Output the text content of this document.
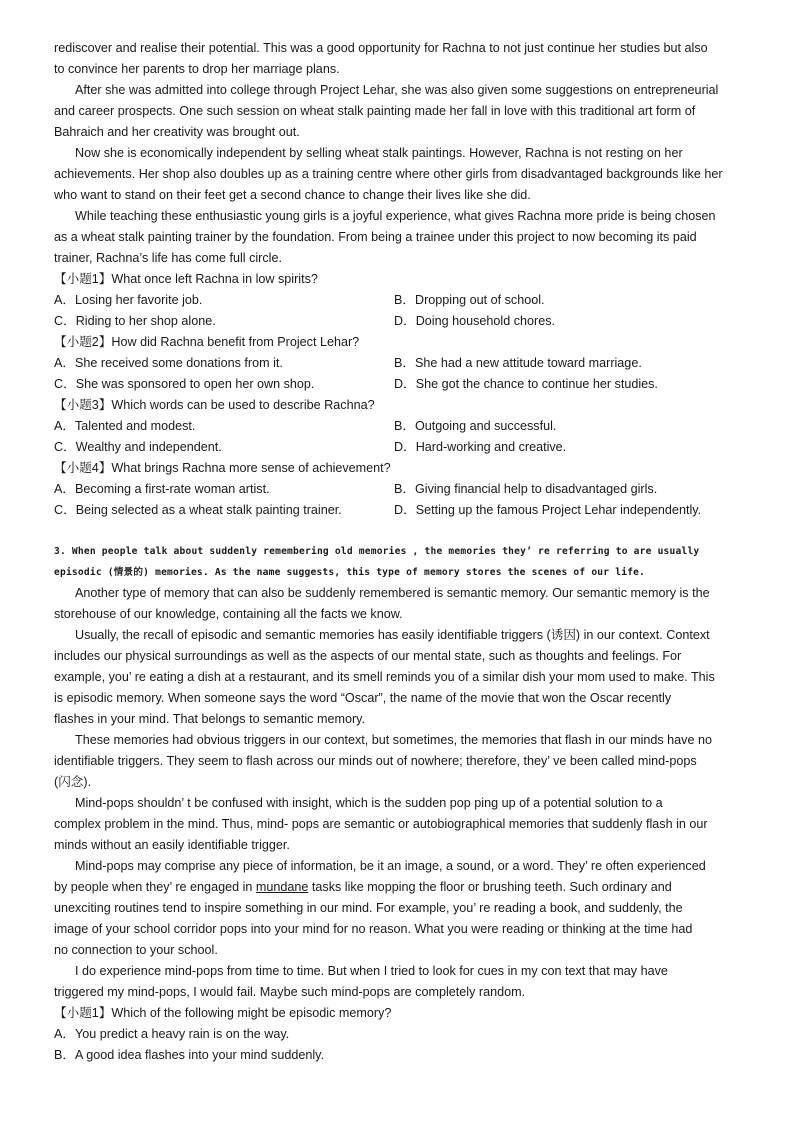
rediscover and realise their potential. This was a good opportunity for Rachna to not just continue her studies but also
to convince her parents to drop her marriage plans.
After she was admitted into college through Project Lehar, she was also given some suggestions on entrepreneurial
and career prospects. One such session on wheat stalk painting made her fall in love with this traditional art form of
Bahraich and her creativity was brought out.
Now she is economically independent by selling wheat stalk paintings. However, Rachna is not resting on her
achievements. Her shop also doubles up as a training centre where other girls from disadvantaged backgrounds like her
who want to stand on their feet get a second chance to change their lives like she did.
While teaching these enthusiastic young girls is a joyful experience, what gives Rachna more pride is being chosen
as a wheat stalk painting trainer by the foundation. From being a trainee under this project to now becoming its paid
trainer, Rachna’s life has come full circle.
【小题1】What once left Rachna in low spirits?
A．Losing her favorite job.	B．Dropping out of school.
C．Riding to her shop alone.	D．Doing household chores.
【小题2】How did Rachna benefit from Project Lehar?
A．She received some donations from it.	B．She had a new attitude toward marriage.
C．She was sponsored to open her own shop.	D．She got the chance to continue her studies.
【小题3】Which words can be used to describe Rachna?
A．Talented and modest.	B．Outgoing and successful.
C．Wealthy and independent.	D．Hard-working and creative.
【小题4】What brings Rachna more sense of achievement?
A．Becoming a first-rate woman artist.	B．Giving financial help to disadvantaged girls.
C．Being selected as a wheat stalk painting trainer.	D．Setting up the famous Project Lehar independently.
3. When people talk about suddenly remembering old memories , the memories they’ re referring to are usually
episodic (情景的) memories. As the name suggests, this type of memory stores the scenes of our life.
Another type of memory that can also be suddenly remembered is semantic memory. Our semantic memory is the
storehouse of our knowledge, containing all the facts we know.
Usually, the recall of episodic and semantic memories has easily identifiable triggers (诱因) in our context. Context
includes our physical surroundings as well as the aspects of our mental state, such as thoughts and feelings. For
example, you’ re eating a dish at a restaurant, and its smell reminds you of a similar dish your mom used to make. This
is episodic memory. When someone says the word “Oscar”, the name of the movie that won the Oscar recently
flashes in your mind. That belongs to semantic memory.
These memories had obvious triggers in our context, but sometimes, the memories that flash in our minds have no
identifiable triggers. They seem to flash across our minds out of nowhere; therefore, they’ ve been called mind-pops
(闪念).
Mind-pops shouldn’ t be confused with insight, which is the sudden pop ping up of a potential solution to a
complex problem in the mind. Thus, mind- pops are semantic or autobiographical memories that suddenly flash in our
minds without an easily identifiable trigger.
Mind-pops may comprise any piece of information, be it an image, a sound, or a word. They’ re often experienced
by people when they’ re engaged in mundane tasks like mopping the floor or brushing teeth. Such ordinary and
unexciting routines tend to inspire something in our mind. For example, you’ re reading a book, and suddenly, the
image of your school corridor pops into your mind for no reason. What you were reading or thinking at the time had
no connection to your school.
I do experience mind-pops from time to time. But when I tried to look for cues in my con text that may have
triggered my mind-pops, I would fail. Maybe such mind-pops are completely random.
【小题1】Which of the following might be episodic memory?
A．You predict a heavy rain is on the way.
B．A good idea flashes into your mind suddenly.
